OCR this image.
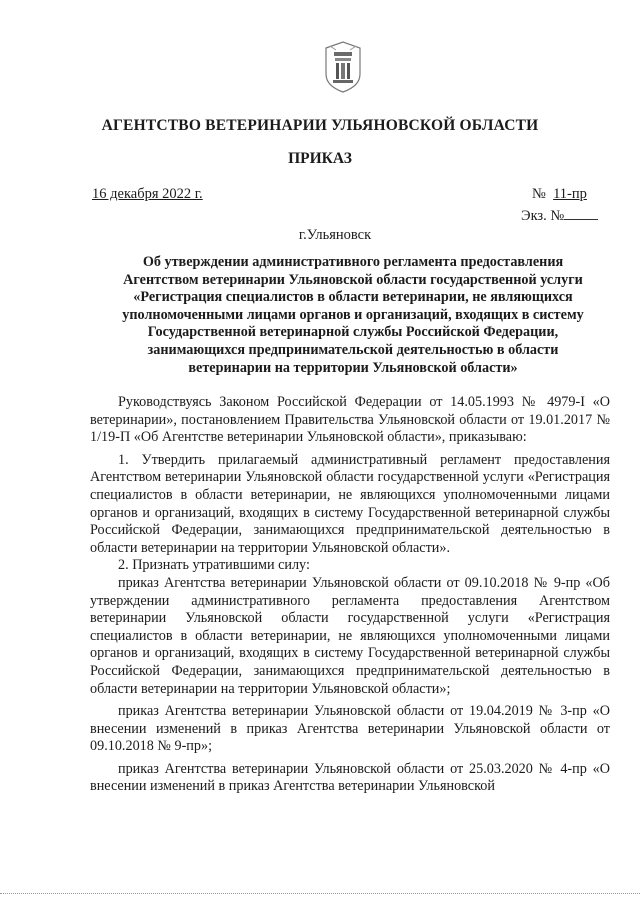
АГЕНТСТВО ВЕТЕРИНАРИИ УЛЬЯНОВСКОЙ ОБЛАСТИ
ПРИКАЗ
16 декабря 2022 г.	№ 11-пр
Экз. №
г.Ульяновск
Об утверждении административного регламента предоставления
Агентством ветеринарии Ульяновской области государственной услуги
«Регистрация специалистов в области ветеринарии, не являющихся
уполномоченными лицами органов и организаций, входящих в систему
Государственной ветеринарной службы Российской Федерации,
занимающихся предпринимательской деятельностью в области
ветеринарии на территории Ульяновской области»

Руководствуясь Законом Российской Федерации от 14.05.1993 № 4979-I «О ветеринарии», постановлением Правительства Ульяновской области от 19.01.2017 № 1/19-П «Об Агентстве ветеринарии Ульяновской области», приказываю:

1. Утвердить прилагаемый административный регламент предоставления Агентством ветеринарии Ульяновской области государственной услуги «Регистрация специалистов в области ветеринарии, не являющихся уполномоченными лицами органов и организаций, входящих в систему Государственной ветеринарной службы Российской Федерации, занимающихся предпринимательской деятельностью в области ветеринарии на территории Ульяновской области».

2. Признать утратившими силу:

приказ Агентства ветеринарии Ульяновской области от 09.10.2018 № 9-пр «Об утверждении административного регламента предоставления Агентством ветеринарии Ульяновской области государственной услуги «Регистрация специалистов в области ветеринарии, не являющихся уполномоченными лицами органов и организаций, входящих в систему Государственной ветеринарной службы Российской Федерации, занимающихся предпринимательской деятельностью в области ветеринарии на территории Ульяновской области»;

приказ Агентства ветеринарии Ульяновской области от 19.04.2019 № 3-пр «О внесении изменений в приказ Агентства ветеринарии Ульяновской области от 09.10.2018 № 9-пр»;

приказ Агентства ветеринарии Ульяновской области от 25.03.2020 № 4-пр «О внесении изменений в приказ Агентства ветеринарии Ульяновской
